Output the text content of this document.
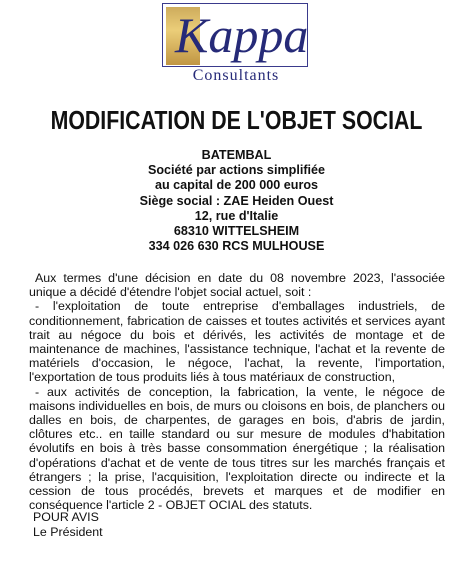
Kappa
Consultants
MODIFICATION DE L'OBJET SOCIAL
BATEMBAL
Société par actions simplifiée
au capital de 200 000 euros
Siège social : ZAE Heiden Ouest
12, rue d'Italie
68310 WITTELSHEIM
334 026 630 RCS MULHOUSE

Aux termes d'une décision en date du 08 novembre 2023, l'associée unique a décidé d'étendre l'objet social actuel, soit :

- l'exploitation de toute entreprise d'emballages industriels, de conditionnement, fabrication de caisses et toutes activités et services ayant trait au négoce du bois et dérivés, les activités de montage et de maintenance de machines, l'assistance technique, l'achat et la revente de matériels d'occasion, le négoce, l'achat, la revente, l'importation, l'exportation de tous produits liés à tous matériaux de construction,

- aux activités de conception, la fabrication, la vente, le négoce de maisons individuelles en bois, de murs ou cloisons en bois, de planchers ou dalles en bois, de charpentes, de garages en bois, d'abris de jardin, clôtures etc.. en taille standard ou sur mesure de modules d'habitation évolutifs en bois à très basse consommation énergétique ; la réalisation d'opérations d'achat et de vente de tous titres sur les marchés français et étrangers ; la prise, l'acquisition, l'exploitation directe ou indirecte et la cession de tous procédés, brevets et marques et de modifier en conséquence l'article 2 - OBJET OCIAL des statuts.

POUR AVIS
Le Président
